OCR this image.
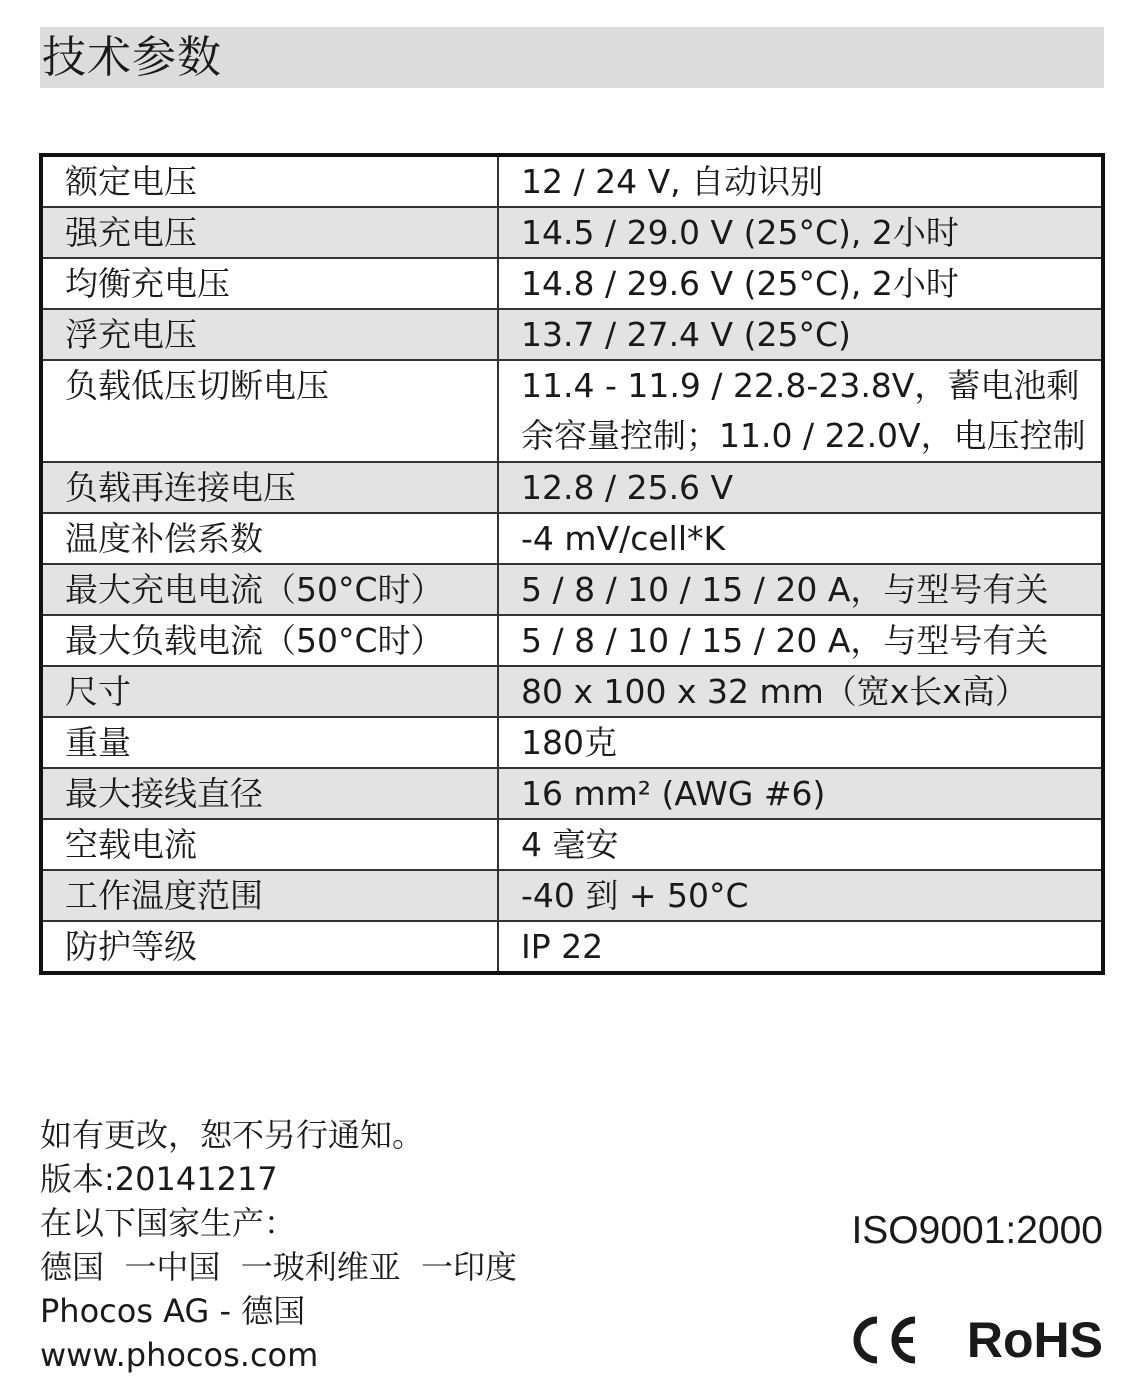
技术参数
额定电压	12 / 24 V, 自动识别
强充电压	14.5 / 29.0 V (25°C), 2小时
均衡充电压	14.8 / 29.6 V (25°C), 2小时
浮充电压	13.7 / 27.4 V (25°C)
负载低压切断电压	11.4 - 11.9 / 22.8-23.8V，蓄电池剩
余容量控制；11.0 / 22.0V，电压控制

负载再连接电压	12.8 / 25.6 V
温度补偿系数	-4 mV/cell*K
最大充电电流（50°C时）	5 / 8 / 10 / 15 / 20 A，与型号有关
最大负载电流（50°C时）	5 / 8 / 10 / 15 / 20 A，与型号有关
尺寸	80 x 100 x 32 mm（宽x长x高）
重量	180克
最大接线直径	16 mm² (AWG #6)
空载电流	4 毫安
工作温度范围	-40 到 + 50°C
防护等级	IP 22
如有更改，恕不另行通知。
版本:20141217
在以下国家生产：
德国  一中国  一玻利维亚  一印度
Phocos AG - 德国
www.phocos.com
ISO9001:2000
RoHS
